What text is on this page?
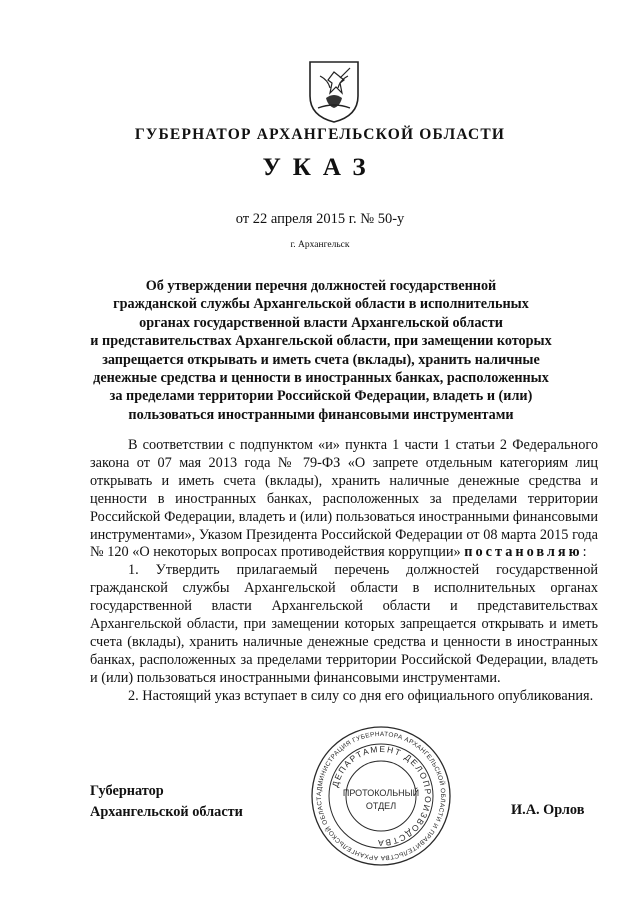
ГУБЕРНАТОР АРХАНГЕЛЬСКОЙ ОБЛАСТИ
УКАЗ
от 22 апреля 2015 г. № 50-у
г. Архангельск
Об утверждении перечня должностей государственной
гражданской службы Архангельской области в исполнительных
органах государственной власти Архангельской области
и представительствах Архангельской области, при замещении которых
запрещается открывать и иметь счета (вклады), хранить наличные
денежные средства и ценности в иностранных банках, расположенных
за пределами территории Российской Федерации, владеть и (или)
пользоваться иностранными финансовыми инструментами

В соответствии с подпунктом «и» пункта 1 части 1 статьи 2 Федерального закона от 07 мая 2013 года № 79-ФЗ «О запрете отдельным категориям лиц открывать и иметь счета (вклады), хранить наличные денежные средства и ценности в иностранных банках, расположенных за пределами территории Российской Федерации, владеть и (или) пользоваться иностранными финансовыми инструментами», Указом Президента Российской Федерации от 08 марта 2015 года № 120 «О некоторых вопросах противодействия коррупции» постановляю:

1. Утвердить прилагаемый перечень должностей государственной гражданской службы Архангельской области в исполнительных органах государственной власти Архангельской области и представительствах Архангельской области, при замещении которых запрещается открывать и иметь счета (вклады), хранить наличные денежные средства и ценности в иностранных банках, расположенных за пределами территории Российской Федерации, владеть и (или) пользоваться иностранными финансовыми инструментами.

2. Настоящий указ вступает в силу со дня его официального опубликования.

Губернатор
Архангельской области	И.А. Орлов
АДМИНИСТРАЦИЯ ГУБЕРНАТОРА АРХАНГЕЛЬСКОЙ ОБЛАСТИ И ПРАВИТЕЛЬСТВА АРХАНГЕЛЬСКОЙ ОБЛАСТ
ДЕПАРТАМЕНТ ДЕЛОПРОИЗВОДСТВА
ПРОТОКОЛЬНЫЙ
ОТДЕЛ
